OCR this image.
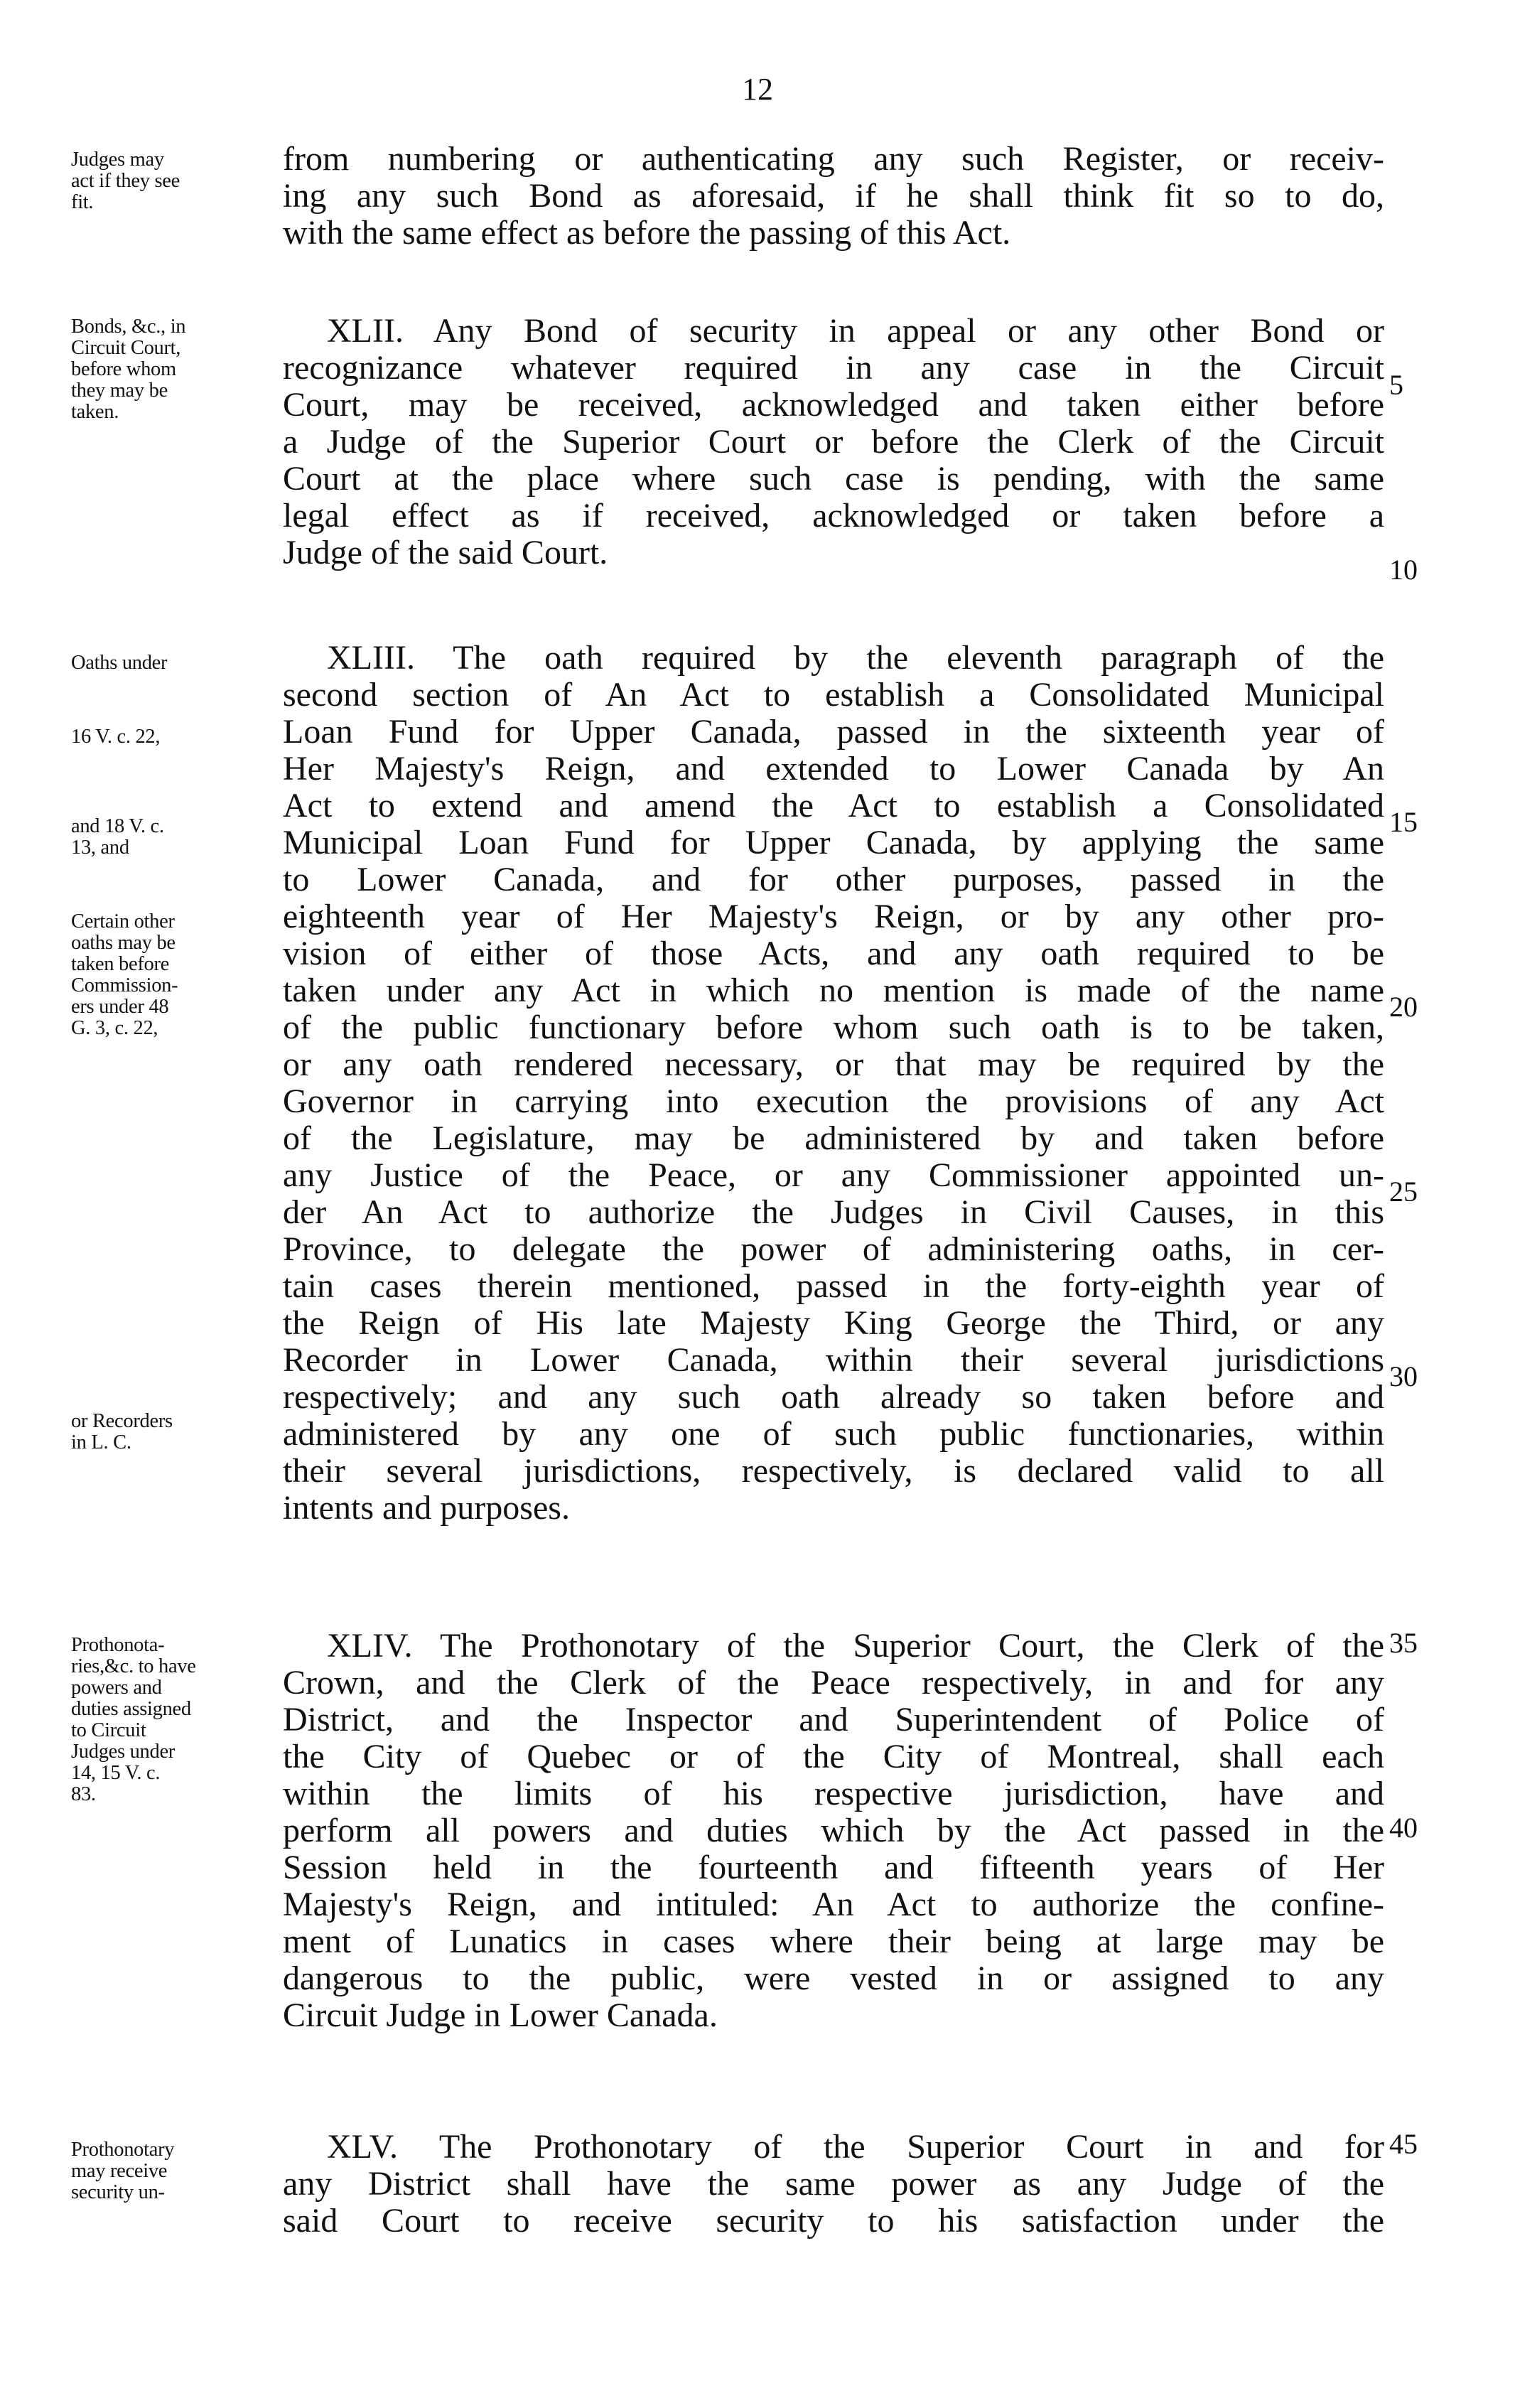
12
Judges may
act if they see
fit.
Bonds, &c., in
Circuit Court,
before whom
they may be
taken.
Oaths under
16 V. c. 22,
and 18 V. c.
13, and
Certain other
oaths may be
taken before
Commission-
ers under 48
G. 3, c. 22,
or Recorders
in L. C.
Prothonota-
ries,&c. to have
powers and
duties assigned
to Circuit
Judges under
14, 15 V. c.
83.
Prothonotary
may receive
security un-
from numbering or authenticating any such Register, or receiv-
ing any such Bond as aforesaid, if he shall think fit so to do,
with the same effect as before the passing of this Act.
XLII. Any Bond of security in appeal or any other Bond or
recognizance whatever required in any case in the Circuit
Court, may be received, acknowledged and taken either before
a Judge of the Superior Court or before the Clerk of the Circuit
Court at the place where such case is pending, with the same
legal effect as if received, acknowledged or taken before a
Judge of the said Court.
XLIII. The oath required by the eleventh paragraph of the
second section of An Act to establish a Consolidated Municipal
Loan Fund for Upper Canada, passed in the sixteenth year of
Her Majesty's Reign, and extended to Lower Canada by An
Act to extend and amend the Act to establish a Consolidated
Municipal Loan Fund for Upper Canada, by applying the same
to Lower Canada, and for other purposes, passed in the
eighteenth year of Her Majesty's Reign, or by any other pro-
vision of either of those Acts, and any oath required to be
taken under any Act in which no mention is made of the name
of the public functionary before whom such oath is to be taken,
or any oath rendered necessary, or that may be required by the
Governor in carrying into execution the provisions of any Act
of the Legislature, may be administered by and taken before
any Justice of the Peace, or any Commissioner appointed un-
der An Act to authorize the Judges in Civil Causes, in this
Province, to delegate the power of administering oaths, in cer-
tain cases therein mentioned, passed in the forty-eighth year of
the Reign of His late Majesty King George the Third, or any
Recorder in Lower Canada, within their several jurisdictions
respectively; and any such oath already so taken before and
administered by any one of such public functionaries, within
their several jurisdictions, respectively, is declared valid to all
intents and purposes.
XLIV. The Prothonotary of the Superior Court, the Clerk of the
Crown, and the Clerk of the Peace respectively, in and for any
District, and the Inspector and Superintendent of Police of
the City of Quebec or of the City of Montreal, shall each
within the limits of his respective jurisdiction, have and
perform all powers and duties which by the Act passed in the
Session held in the fourteenth and fifteenth years of Her
Majesty's Reign, and intituled: An Act to authorize the confine-
ment of Lunatics in cases where their being at large may be
dangerous to the public, were vested in or assigned to any
Circuit Judge in Lower Canada.
XLV. The Prothonotary of the Superior Court in and for
any District shall have the same power as any Judge of the
said Court to receive security to his satisfaction under the
5
10
15
20
25
30
35
40
45
